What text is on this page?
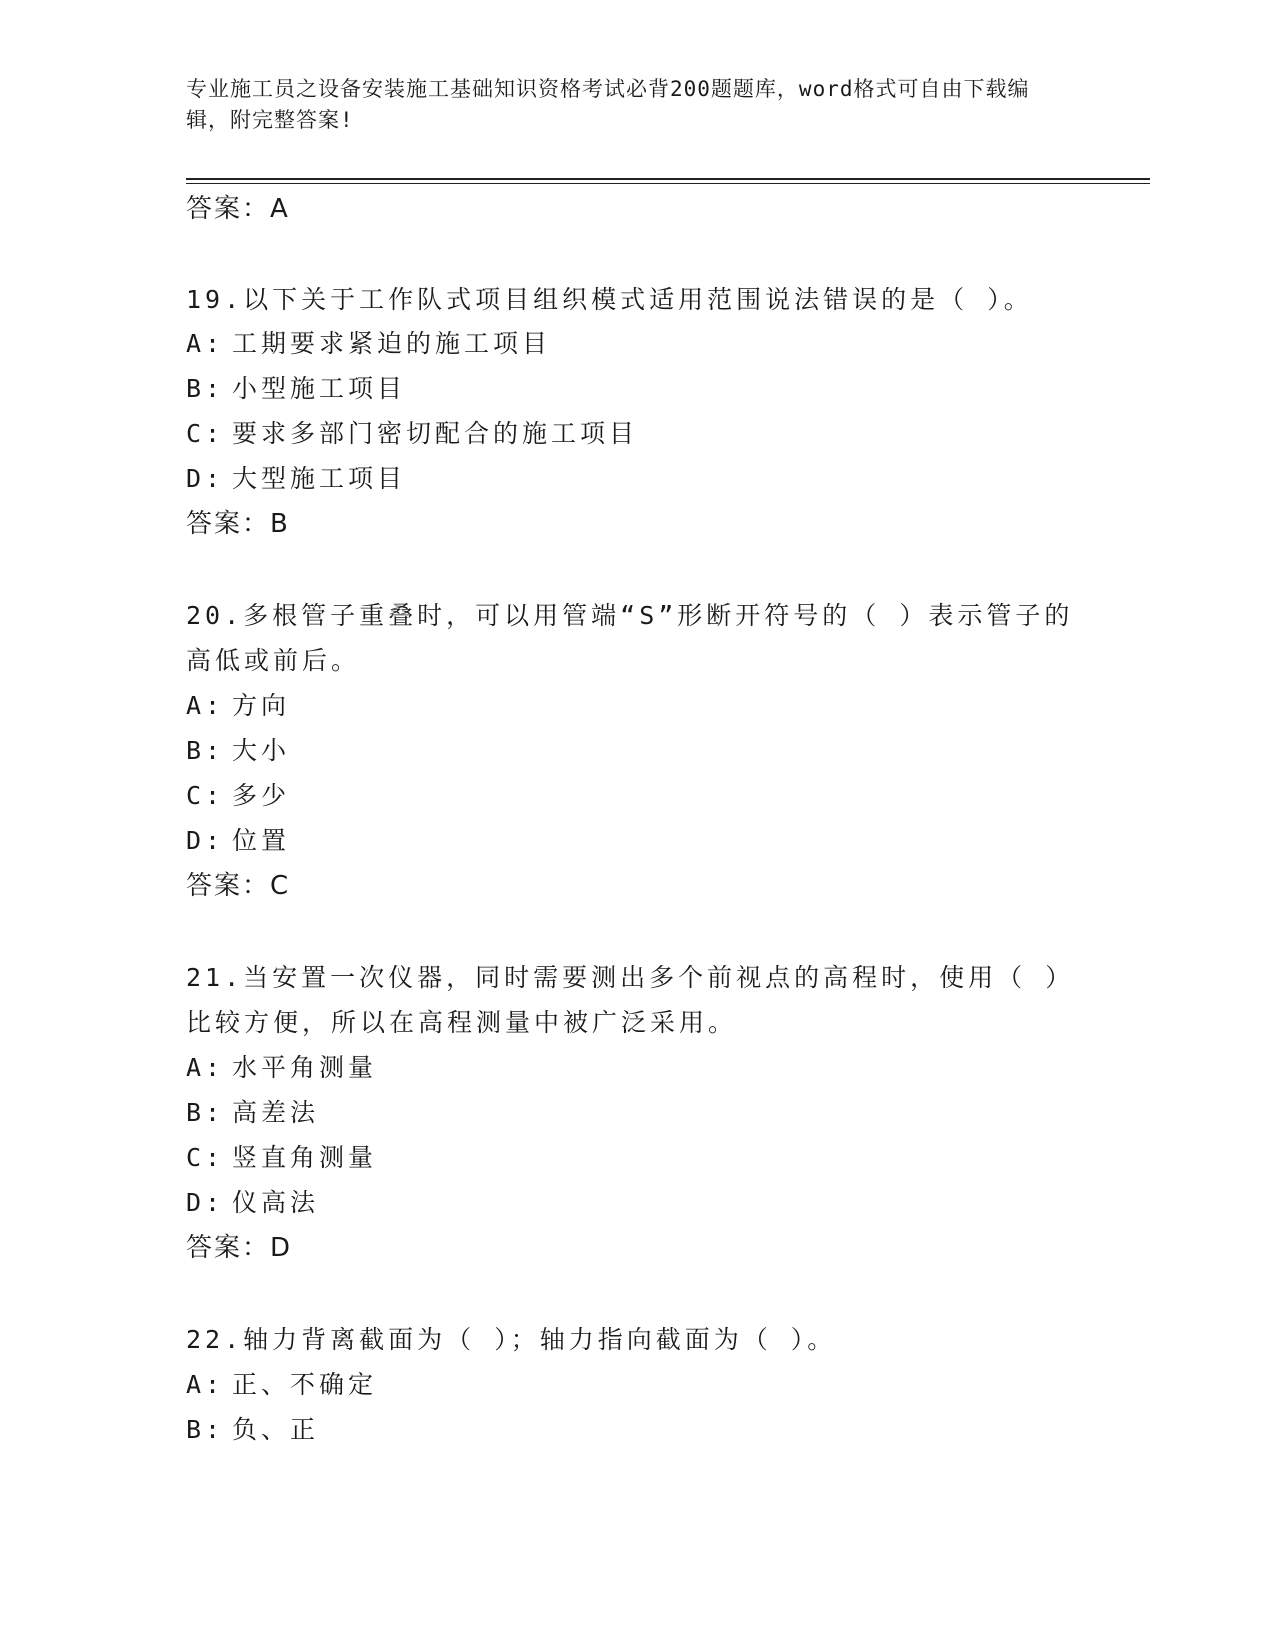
专业施工员之设备安装施工基础知识资格考试必背200题题库，word格式可自由下载编辑，附完整答案!
答案：A
19.以下关于工作队式项目组织模式适用范围说法错误的是（ ）。
A: 工期要求紧迫的施工项目
B: 小型施工项目
C: 要求多部门密切配合的施工项目
D: 大型施工项目
答案：B
20.多根管子重叠时，可以用管端“S”形断开符号的（ ）表示管子的
高低或前后。
A: 方向
B: 大小
C: 多少
D: 位置
答案：C
21.当安置一次仪器，同时需要测出多个前视点的高程时，使用（ ）
比较方便，所以在高程测量中被广泛采用。
A: 水平角测量
B: 高差法
C: 竖直角测量
D: 仪高法
答案：D
22.轴力背离截面为（ ）；轴力指向截面为（ ）。
A: 正、不确定
B: 负、正
